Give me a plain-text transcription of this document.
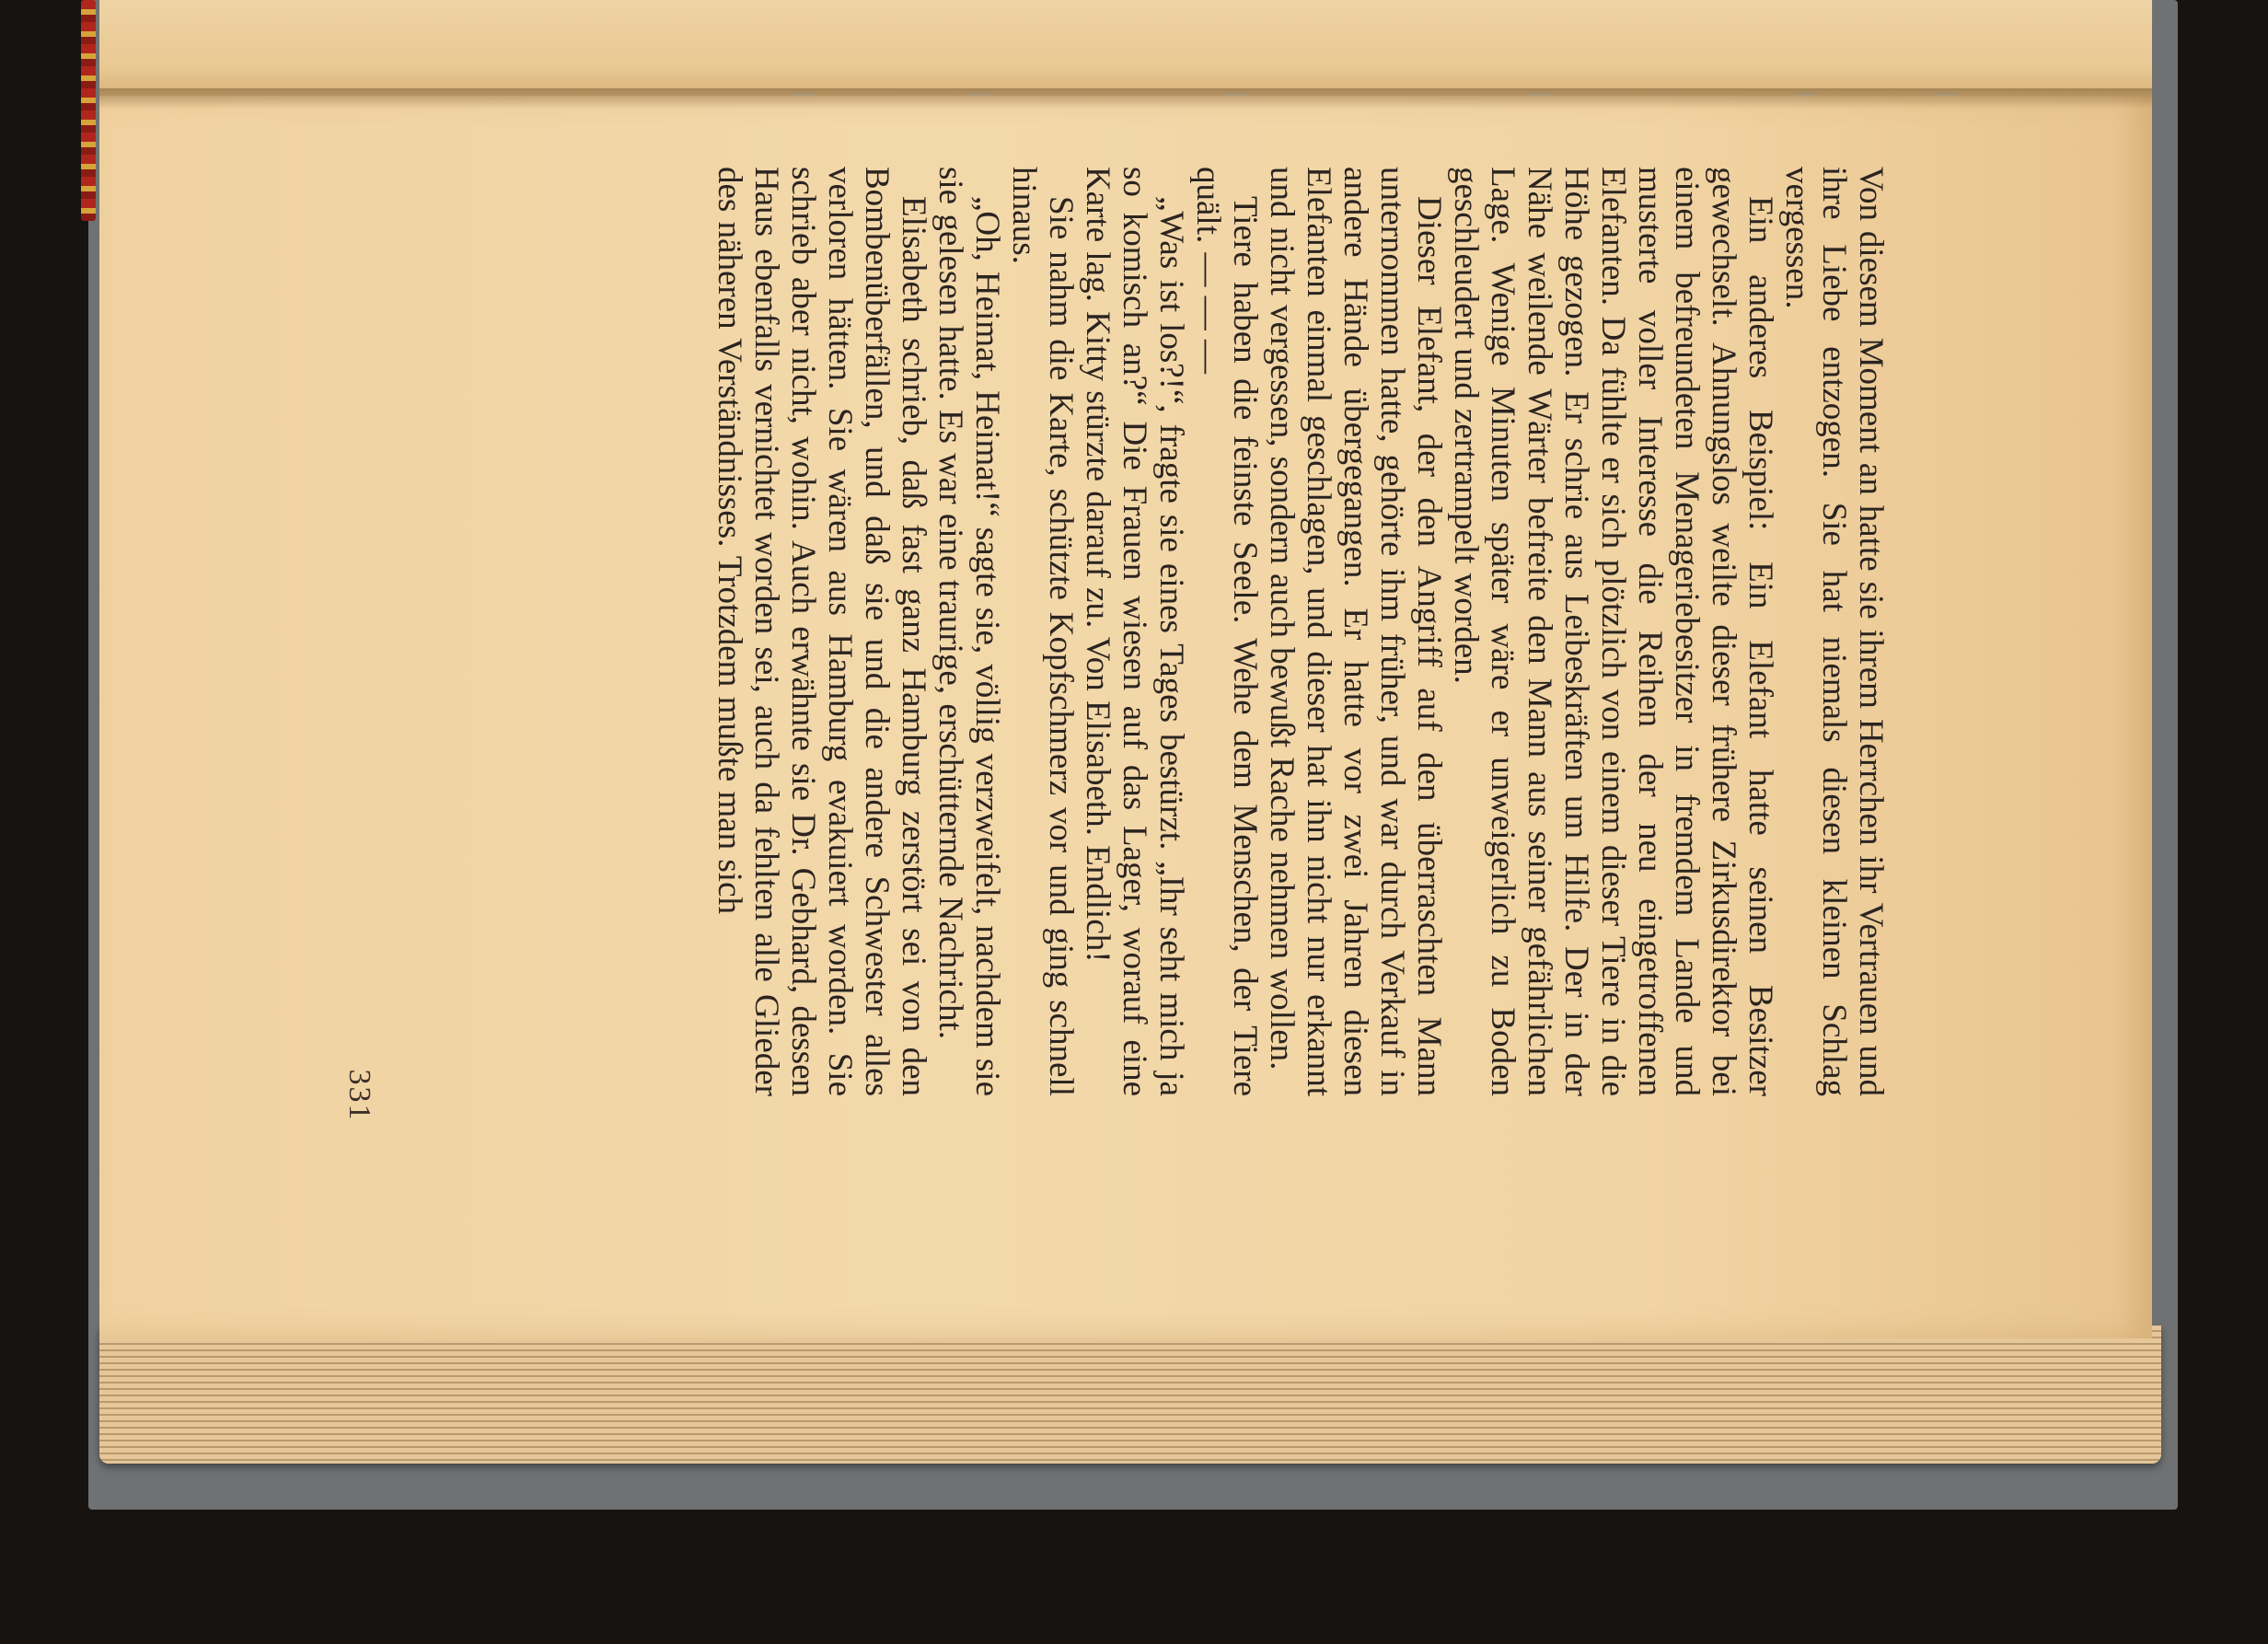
Von diesem Moment an hatte sie ihrem Herrchen ihr Vertrauen und ihre Liebe entzogen. Sie hat niemals diesen kleinen Schlag vergessen.

Ein anderes Beispiel: Ein Elefant hatte seinen Besitzer gewechselt. Ahnungslos weilte dieser frühere Zirkusdirektor bei einem befreundeten Menageriebesitzer in fremdem Lande und musterte voller Interesse die Reihen der neu eingetroffenen Elefanten. Da fühlte er sich plötzlich von einem dieser Tiere in die Höhe gezogen. Er schrie aus Leibeskräften um Hilfe. Der in der Nähe weilende Wärter befreite den Mann aus seiner gefährlichen Lage. Wenige Minuten später wäre er unweigerlich zu Boden geschleudert und zertrampelt worden.

Dieser Elefant, der den Angriff auf den überraschten Mann unternommen hatte, gehörte ihm früher, und war durch Verkauf in andere Hände übergegangen. Er hatte vor zwei Jahren diesen Elefanten einmal geschlagen, und dieser hat ihn nicht nur erkannt und nicht vergessen, sondern auch bewußt Rache nehmen wollen.

Tiere haben die feinste Seele. Wehe dem Menschen, der Tiere quält. — — —

„Was ist los?!“, fragte sie eines Tages bestürzt. „Ihr seht mich ja so komisch an?“ Die Frauen wiesen auf das Lager, worauf eine Karte lag. Kitty stürzte darauf zu. Von Elisabeth. Endlich!

Sie nahm die Karte, schützte Kopfschmerz vor und ging schnell hinaus.

„Oh, Heimat, Heimat!“ sagte sie, völlig verzweifelt, nachdem sie sie gelesen hatte. Es war eine traurige, erschütternde Nachricht.

Elisabeth schrieb, daß fast ganz Hamburg zerstört sei von den Bombenüberfällen, und daß sie und die andere Schwester alles verloren hätten. Sie wären aus Hamburg evakuiert worden. Sie schrieb aber nicht, wohin. Auch erwähnte sie Dr. Gebhard, dessen Haus ebenfalls vernichtet worden sei, auch da fehlten alle Glieder des näheren Verständnisses. Trotzdem mußte man sich

331
